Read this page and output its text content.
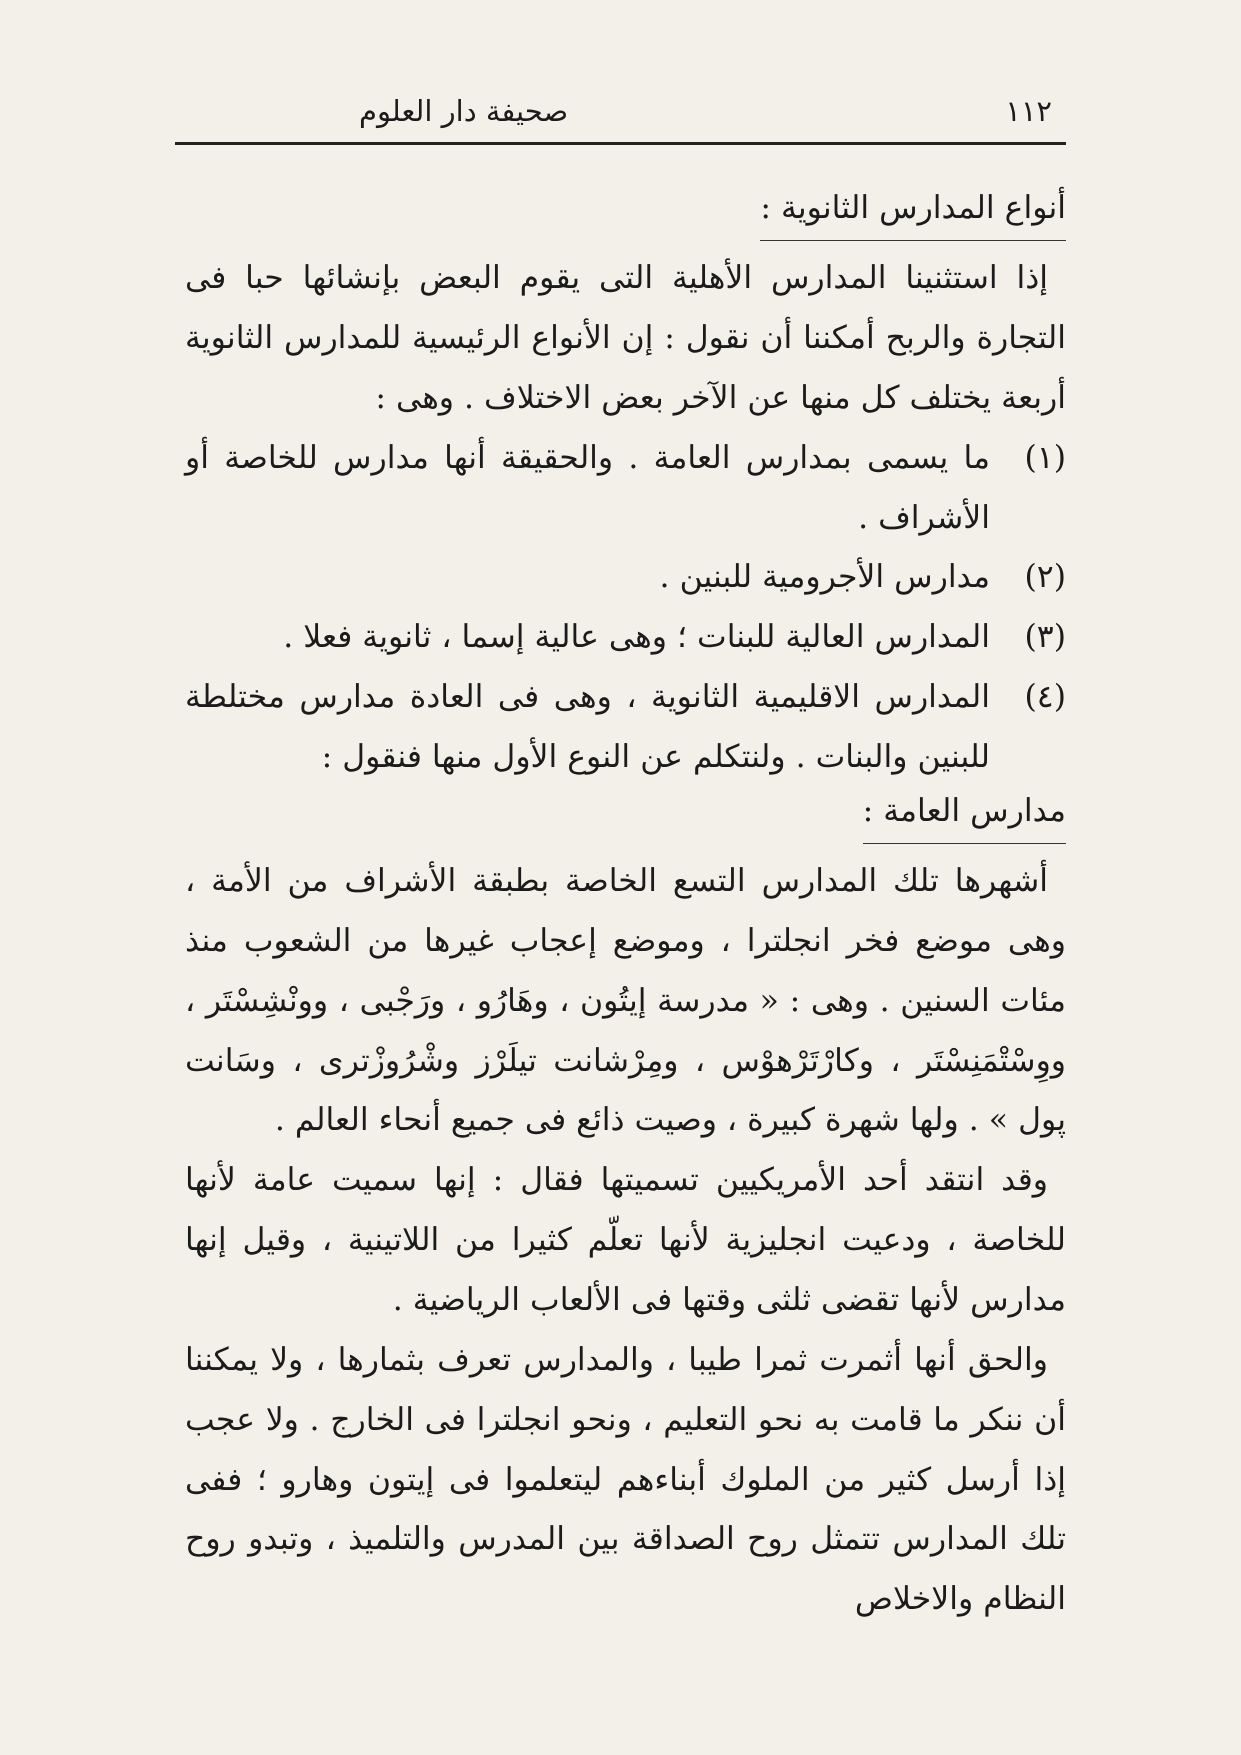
١١٢
صحيفة دار العلوم
أنواع المدارس الثانوية :

إذا استثنينا المدارس الأهلية التى يقوم البعض بإنشائها حبا فى التجارة والربح أمكننا أن نقول : إن الأنواع الرئيسية للمدارس الثانوية أربعة يختلف كل منها عن الآخر بعض الاختلاف . وهى :

(١)
ما يسمى بمدارس العامة . والحقيقة أنها مدارس للخاصة أو الأشراف .
(٢)
مدارس الأجرومية للبنين .
(٣)
المدارس العالية للبنات ؛ وهى عالية إسما ، ثانوية فعلا .
(٤)
المدارس الاقليمية الثانوية ، وهى فى العادة مدارس مختلطة للبنين والبنات . ولنتكلم عن النوع الأول منها فنقول :
مدارس العامة :

أشهرها تلك المدارس التسع الخاصة بطبقة الأشراف من الأمة ، وهى موضع فخر انجلترا ، وموضع إعجاب غيرها من الشعوب منذ مئات السنين . وهى : « مدرسة إيتُون ، وهَارُو ، ورَجْبى ، وونْشِسْتَر ، ووِسْتْمَنِسْتَر ، وكارْتَرْهوْس ، ومِرْشانت تيلَرْز وشْرُوزْترى ، وسَانت پول » . ولها شهرة كبيرة ، وصيت ذائع فى جميع أنحاء العالم .

وقد انتقد أحد الأمريكيين تسميتها فقال : إنها سميت عامة لأنها للخاصة ، ودعيت انجليزية لأنها تعلّم كثيرا من اللاتينية ، وقيل إنها مدارس لأنها تقضى ثلثى وقتها فى الألعاب الرياضية .

والحق أنها أثمرت ثمرا طيبا ، والمدارس تعرف بثمارها ، ولا يمكننا أن ننكر ما قامت به نحو التعليم ، ونحو انجلترا فى الخارج . ولا عجب إذا أرسل كثير من الملوك أبناءهم ليتعلموا فى إيتون وهارو ؛ ففى تلك المدارس تتمثل روح الصداقة بين المدرس والتلميذ ، وتبدو روح النظام والاخلاص
